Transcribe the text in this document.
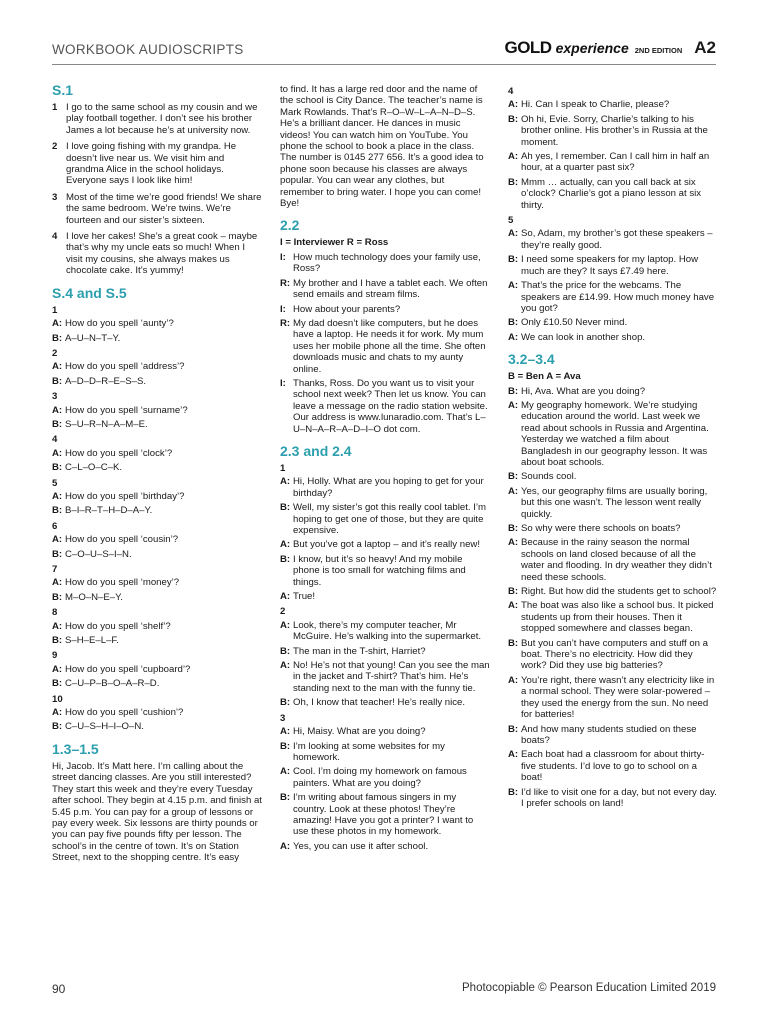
WORKBOOK AUDIOSCRIPTS	GOLD experience 2ND EDITION A2
S.1
1 I go to the same school as my cousin and we play football together. I don’t see his brother James a lot because he’s at university now.
2 I love going fishing with my grandpa. He doesn’t live near us. We visit him and grandma Alice in the school holidays. Everyone says I look like him!
3 Most of the time we’re good friends! We share the same bedroom. We’re twins. We’re fourteen and our sister’s sixteen.
4 I love her cakes! She’s a great cook – maybe that’s why my uncle eats so much! When I visit my cousins, she always makes us chocolate cake. It’s yummy!
S.4 and S.5
1
A: How do you spell ‘aunty’?
B: A–U–N–T–Y.
2
A: How do you spell ‘address’?
B: A–D–D–R–E–S–S.
3
A: How do you spell ‘surname’?
B: S–U–R–N–A–M–E.
4
A: How do you spell ‘clock’?
B: C–L–O–C–K.
5
A: How do you spell ‘birthday’?
B: B–I–R–T–H–D–A–Y.
6
A: How do you spell ‘cousin’?
B: C–O–U–S–I–N.
7
A: How do you spell ‘money’?
B: M–O–N–E–Y.
8
A: How do you spell ‘shelf’?
B: S–H–E–L–F.
9
A: How do you spell ‘cupboard’?
B: C–U–P–B–O–A–R–D.
10
A: How do you spell ‘cushion’?
B: C–U–S–H–I–O–N.
1.3–1.5
Hi, Jacob. It’s Matt here. I’m calling about the street dancing classes. Are you still interested? They start this week and they’re every Tuesday after school. They begin at 4.15 p.m. and finish at 5.45 p.m. You can pay for a group of lessons or pay every week. Six lessons are thirty pounds or you can pay five pounds fifty per lesson. The school’s in the centre of town. It’s on Station Street, next to the shopping centre. It’s easy
to find. It has a large red door and the name of the school is City Dance. The teacher’s name is Mark Rowlands. That’s R–O–W–L–A–N–D–S. He’s a brilliant dancer. He dances in music videos! You can watch him on YouTube. You phone the school to book a place in the class. The number is 0145 277 656. It’s a good idea to phone soon because his classes are always popular. You can wear any clothes, but remember to bring water. I hope you can come! Bye!
2.2
I = Interviewer R = Ross
I: How much technology does your family use, Ross?
R: My brother and I have a tablet each. We often send emails and stream films.
I: How about your parents?
R: My dad doesn’t like computers, but he does have a laptop. He needs it for work. My mum uses her mobile phone all the time. She often downloads music and chats to my aunty online.
I: Thanks, Ross. Do you want us to visit your school next week? Then let us know. You can leave a message on the radio station website. Our address is www.lunaradio.com. That’s L–U–N–A–R–A–D–I–O dot com.
2.3 and 2.4
1
A: Hi, Holly. What are you hoping to get for your birthday?
B: Well, my sister’s got this really cool tablet. I’m hoping to get one of those, but they are quite expensive.
A: But you’ve got a laptop – and it’s really new!
B: I know, but it’s so heavy! And my mobile phone is too small for watching films and things.
A: True!
2
A: Look, there’s my computer teacher, Mr McGuire. He’s walking into the supermarket.
B: The man in the T-shirt, Harriet?
A: No! He’s not that young! Can you see the man in the jacket and T-shirt? That’s him. He’s standing next to the man with the funny tie.
B: Oh, I know that teacher! He’s really nice.
3
A: Hi, Maisy. What are you doing?
B: I’m looking at some websites for my homework.
A: Cool. I’m doing my homework on famous painters. What are you doing?
B: I’m writing about famous singers in my country. Look at these photos! They’re amazing! Have you got a printer? I want to use these photos in my homework.
A: Yes, you can use it after school.
4
A: Hi. Can I speak to Charlie, please?
B: Oh hi, Evie. Sorry, Charlie’s talking to his brother online. His brother’s in Russia at the moment.
A: Ah yes, I remember. Can I call him in half an hour, at a quarter past six?
B: Mmm … actually, can you call back at six o’clock? Charlie’s got a piano lesson at six thirty.
5
A: So, Adam, my brother’s got these speakers – they’re really good.
B: I need some speakers for my laptop. How much are they? It says £7.49 here.
A: That’s the price for the webcams. The speakers are £14.99. How much money have you got?
B: Only £10.50 Never mind.
A: We can look in another shop.
3.2–3.4
B = Ben A = Ava
B: Hi, Ava. What are you doing?
A: My geography homework. We’re studying education around the world. Last week we read about schools in Russia and Argentina. Yesterday we watched a film about Bangladesh in our geography lesson. It was about boat schools.
B: Sounds cool.
A: Yes, our geography films are usually boring, but this one wasn’t. The lesson went really quickly.
B: So why were there schools on boats?
A: Because in the rainy season the normal schools on land closed because of all the water and flooding. In dry weather they didn’t need these schools.
B: Right. But how did the students get to school?
A: The boat was also like a school bus. It picked students up from their houses. Then it stopped somewhere and classes began.
B: But you can’t have computers and stuff on a boat. There’s no electricity. How did they work? Did they use big batteries?
A: You’re right, there wasn’t any electricity like in a normal school. They were solar-powered – they used the energy from the sun. No need for batteries!
B: And how many students studied on these boats?
A: Each boat had a classroom for about thirty-five students. I’d love to go to school on a boat!
B: I’d like to visit one for a day, but not every day. I prefer schools on land!
90	Photocopiable © Pearson Education Limited 2019
